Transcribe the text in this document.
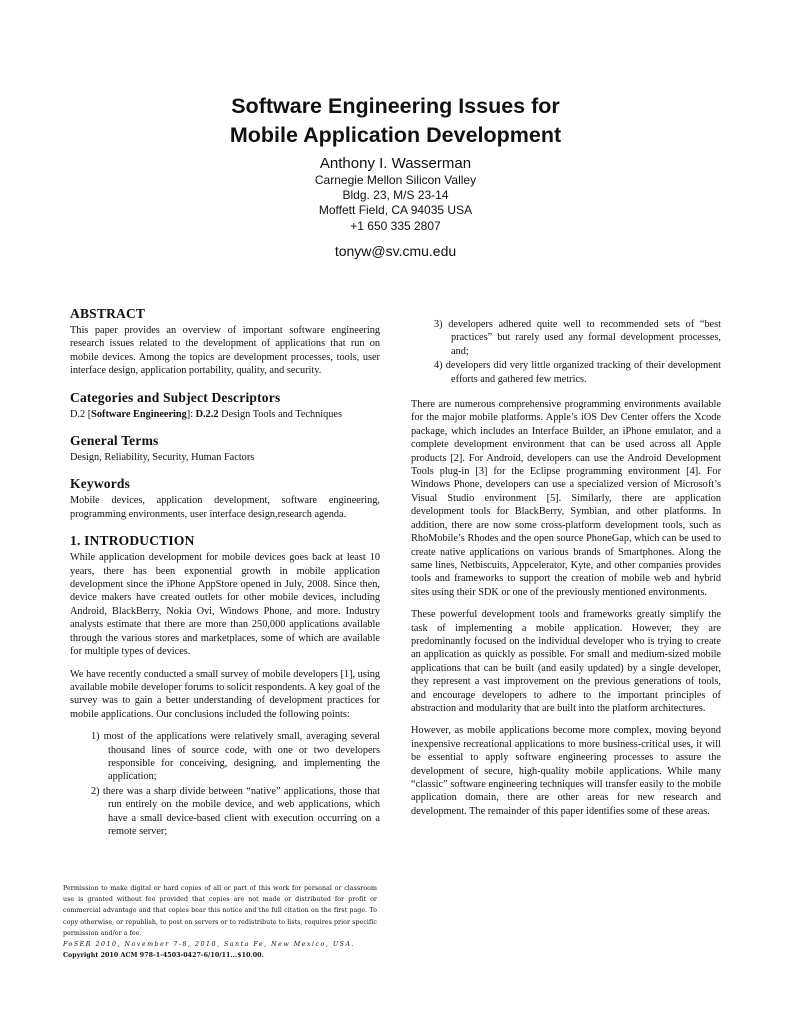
Software Engineering Issues for
Mobile Application Development
Anthony I. Wasserman
Carnegie Mellon Silicon Valley
Bldg. 23, M/S 23-14
Moffett Field, CA 94035 USA
+1 650 335 2807
tonyw@sv.cmu.edu
ABSTRACT

This paper provides an overview of important software engineering research issues related to the development of applications that run on mobile devices. Among the topics are development processes, tools, user interface design, application portability, quality, and security.

Categories and Subject Descriptors

D.2 [Software Engineering]: D.2.2 Design Tools and Techniques

General Terms

Design, Reliability, Security, Human Factors

Keywords

Mobile devices, application development, software engineering, programming environments, user interface design,research agenda.

1. INTRODUCTION

While application development for mobile devices goes back at least 10 years, there has been exponential growth in mobile application development since the iPhone AppStore opened in July, 2008. Since then, device makers have created outlets for other mobile devices, including Android, BlackBerry, Nokia Ovi, Windows Phone, and more. Industry analysts estimate that there are more than 250,000 applications available through the various stores and marketplaces, some of which are available for multiple types of devices.

We have recently conducted a small survey of mobile developers [1], using available mobile developer forums to solicit respondents. A key goal of the survey was to gain a better understanding of development practices for mobile applications. Our conclusions included the following points:

1) most of the applications were relatively small, averaging several thousand lines of source code, with one or two developers responsible for conceiving, designing, and implementing the application;
2) there was a sharp divide between “native” applications, those that run entirely on the mobile device, and web applications, which have a small device-based client with execution occurring on a remote server;
3) developers adhered quite well to recommended sets of “best practices” but rarely used any formal development processes, and;
4) developers did very little organized tracking of their development efforts and gathered few metrics.

There are numerous comprehensive programming environments available for the major mobile platforms. Apple’s iOS Dev Center offers the Xcode package, which includes an Interface Builder, an iPhone emulator, and a complete development environment that can be used across all Apple products [2]. For Android, developers can use the Android Development Tools plug-in [3] for the Eclipse programming environment [4]. For Windows Phone, developers can use a specialized version of Microsoft’s Visual Studio environment [5]. Similarly, there are application development tools for BlackBerry, Symbian, and other platforms. In addition, there are now some cross-platform development tools, such as RhoMobile’s Rhodes and the open source PhoneGap, which can be used to create native applications on various brands of Smartphones. Along the same lines, Netbiscuits, Appcelerator, Kyte, and other companies provides tools and frameworks to support the creation of mobile web and hybrid sites using their SDK or one of the previously mentioned environments.

These powerful development tools and frameworks greatly simplify the task of implementing a mobile application. However, they are predominantly focused on the individual developer who is trying to create an application as quickly as possible. For small and medium-sized mobile applications that can be built (and easily updated) by a single developer, they represent a vast improvement on the previous generations of tools, and encourage developers to adhere to the important principles of abstraction and modularity that are built into the platform architectures.

However, as mobile applications become more complex, moving beyond inexpensive recreational applications to more business-critical uses, it will be essential to apply software engineering processes to assure the development of secure, high-quality mobile applications. While many “classic” software engineering techniques will transfer easily to the mobile application domain, there are other areas for new research and development. The remainder of this paper identifies some of these areas.

Permission to make digital or hard copies of all or part of this work for personal or classroom use is granted without fee provided that copies are not made or distributed for profit or commercial advantage and that copies bear this notice and the full citation on the first page. To copy otherwise, or republish, to post on servers or to redistribute to lists, requires prior specific permission and/or a fee.
FoSER 2010, November 7-8, 2010, Santa Fe, New Mexico, USA.
Copyright 2010 ACM 978-1-4503-0427-6/10/11...$10.00.
